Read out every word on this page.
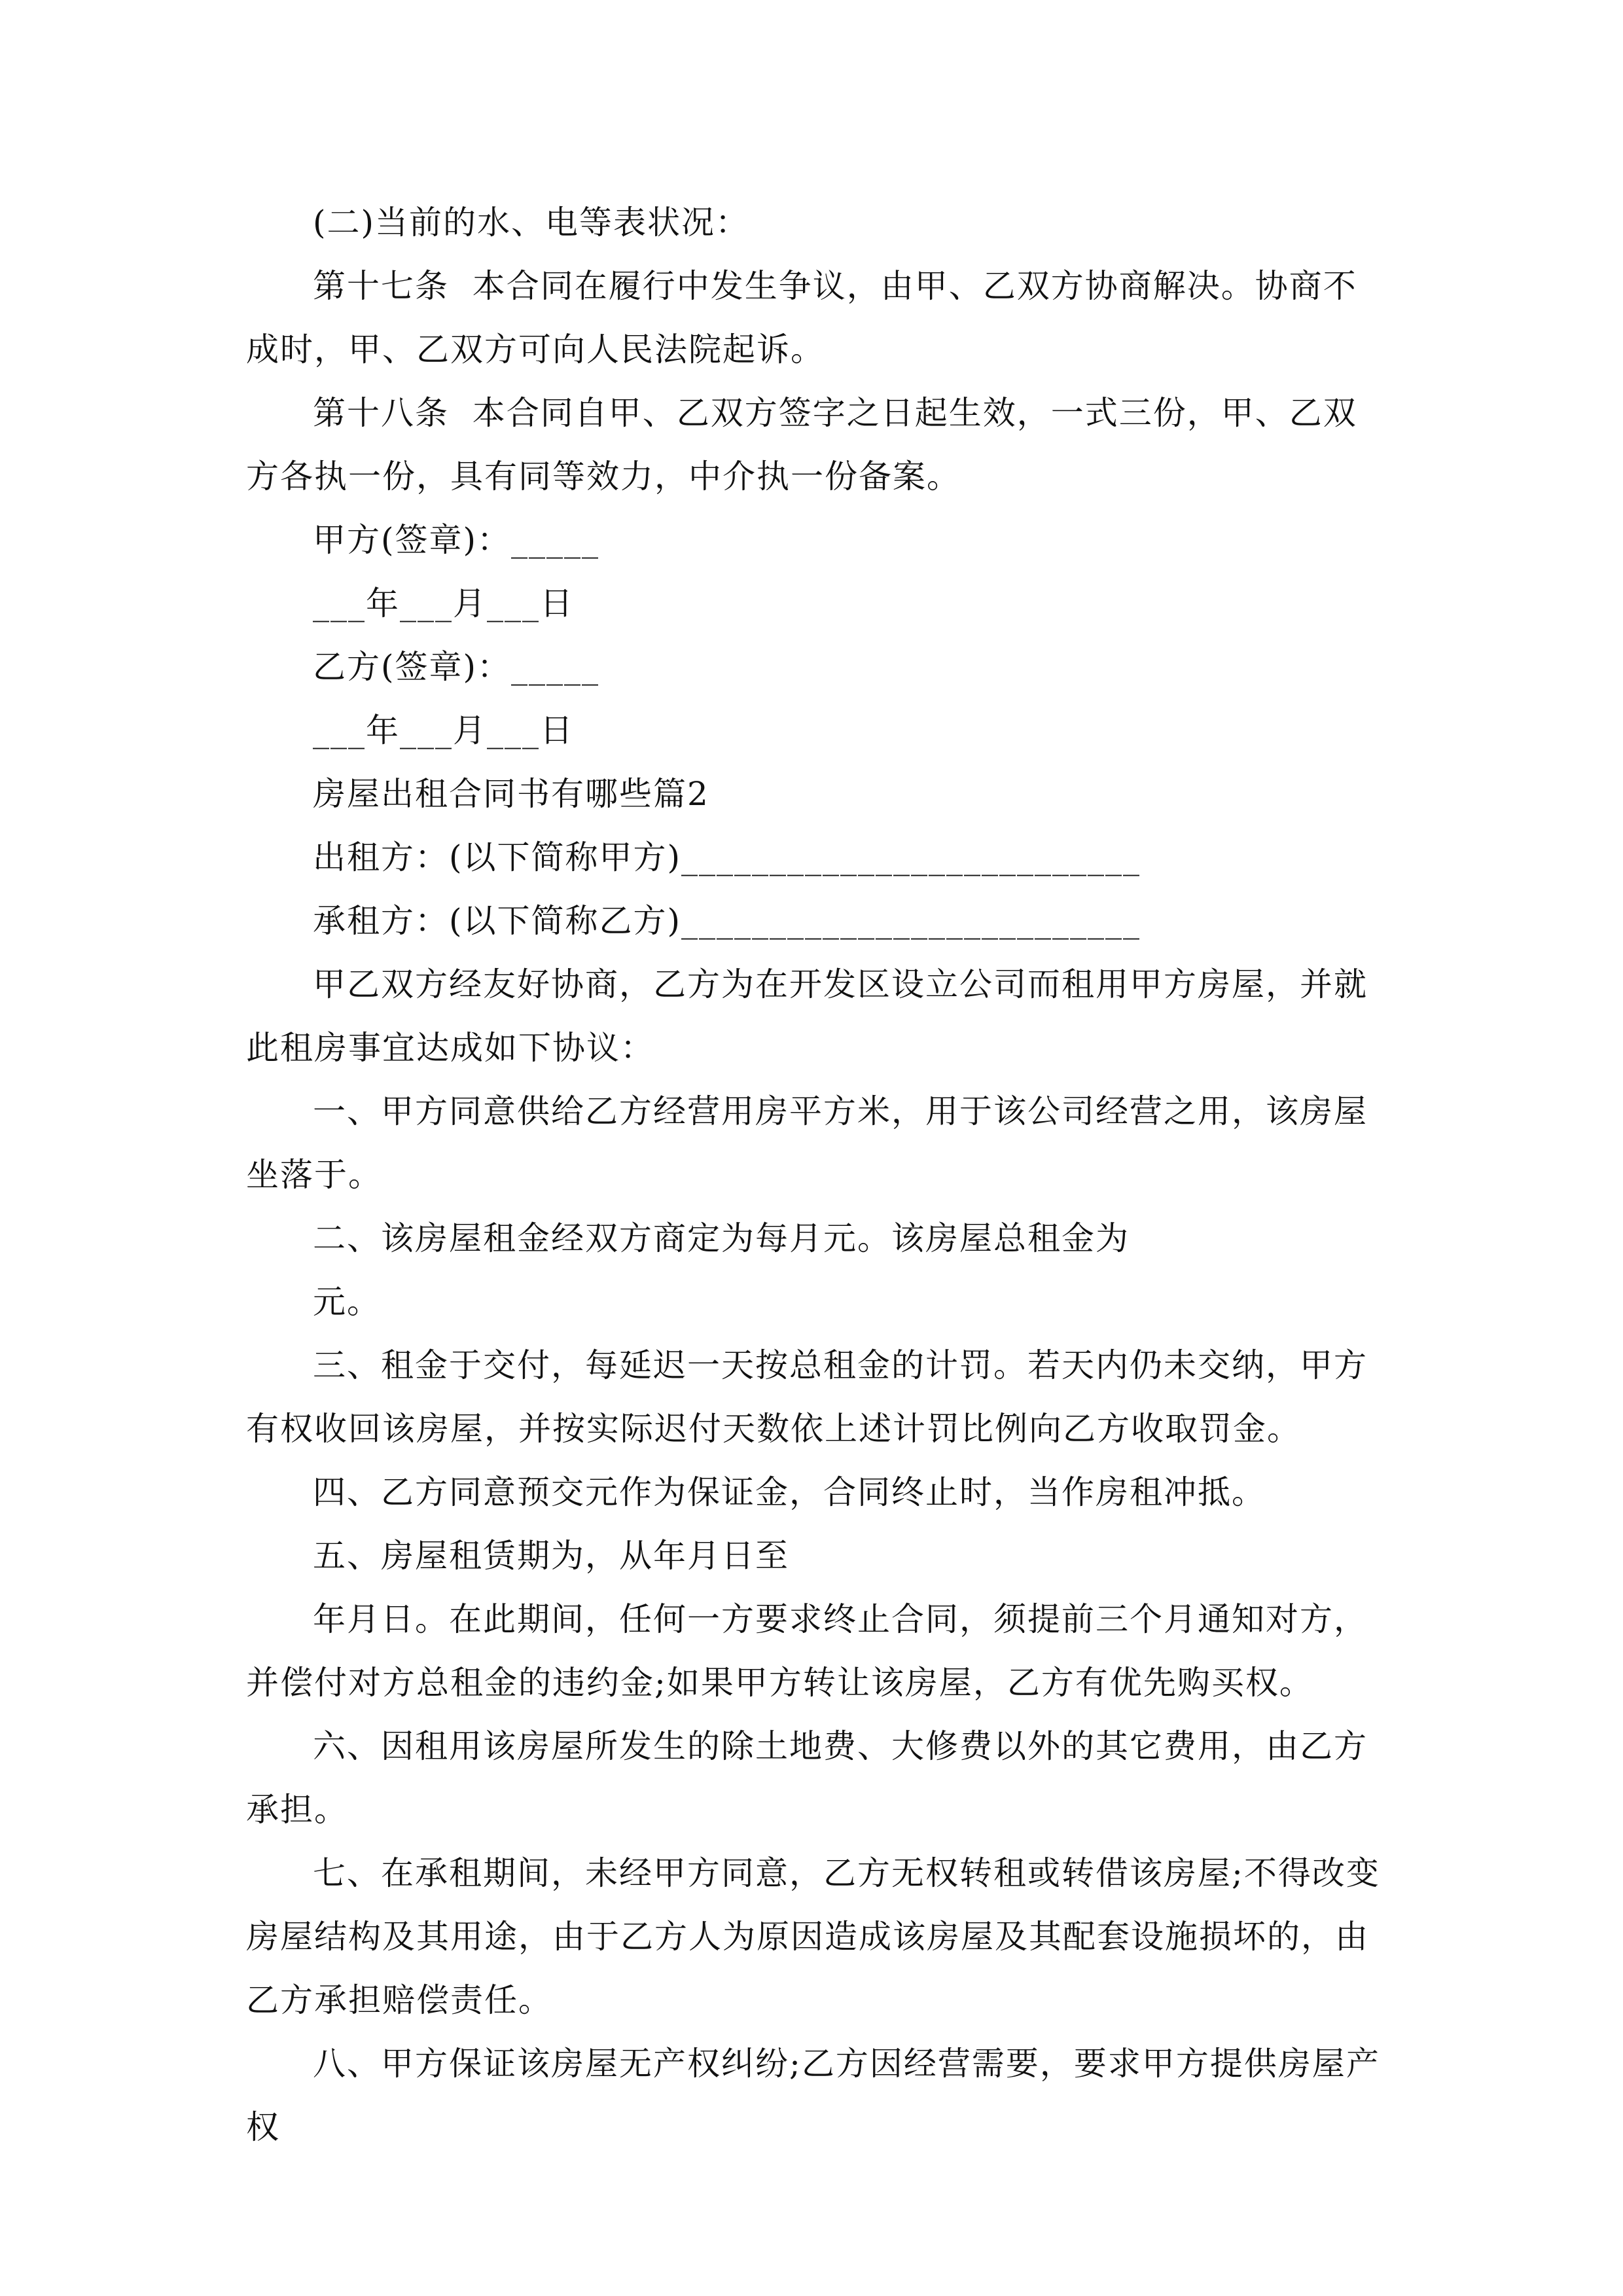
(二)当前的水、电等表状况：

第十七条  本合同在履行中发生争议，由甲、乙双方协商解决。协商不成时，甲、乙双方可向人民法院起诉。

第十八条  本合同自甲、乙双方签字之日起生效，一式三份，甲、乙双方各执一份，具有同等效力，中介执一份备案。

甲方(签章)：_____

___年___月___日

乙方(签章)：_____

___年___月___日

房屋出租合同书有哪些篇2

出租方：(以下简称甲方)__________________________

承租方：(以下简称乙方)__________________________

甲乙双方经友好协商，乙方为在开发区设立公司而租用甲方房屋，并就此租房事宜达成如下协议：

一、甲方同意供给乙方经营用房平方米，用于该公司经营之用，该房屋坐落于。

二、该房屋租金经双方商定为每月元。该房屋总租金为

元。

三、租金于交付，每延迟一天按总租金的计罚。若天内仍未交纳，甲方有权收回该房屋，并按实际迟付天数依上述计罚比例向乙方收取罚金。

四、乙方同意预交元作为保证金，合同终止时，当作房租冲抵。

五、房屋租赁期为，从年月日至

年月日。在此期间，任何一方要求终止合同，须提前三个月通知对方，并偿付对方总租金的违约金;如果甲方转让该房屋，乙方有优先购买权。

六、因租用该房屋所发生的除土地费、大修费以外的其它费用，由乙方承担。

七、在承租期间，未经甲方同意，乙方无权转租或转借该房屋;不得改变房屋结构及其用途，由于乙方人为原因造成该房屋及其配套设施损坏的，由乙方承担赔偿责任。

八、甲方保证该房屋无产权纠纷;乙方因经营需要，要求甲方提供房屋产权
